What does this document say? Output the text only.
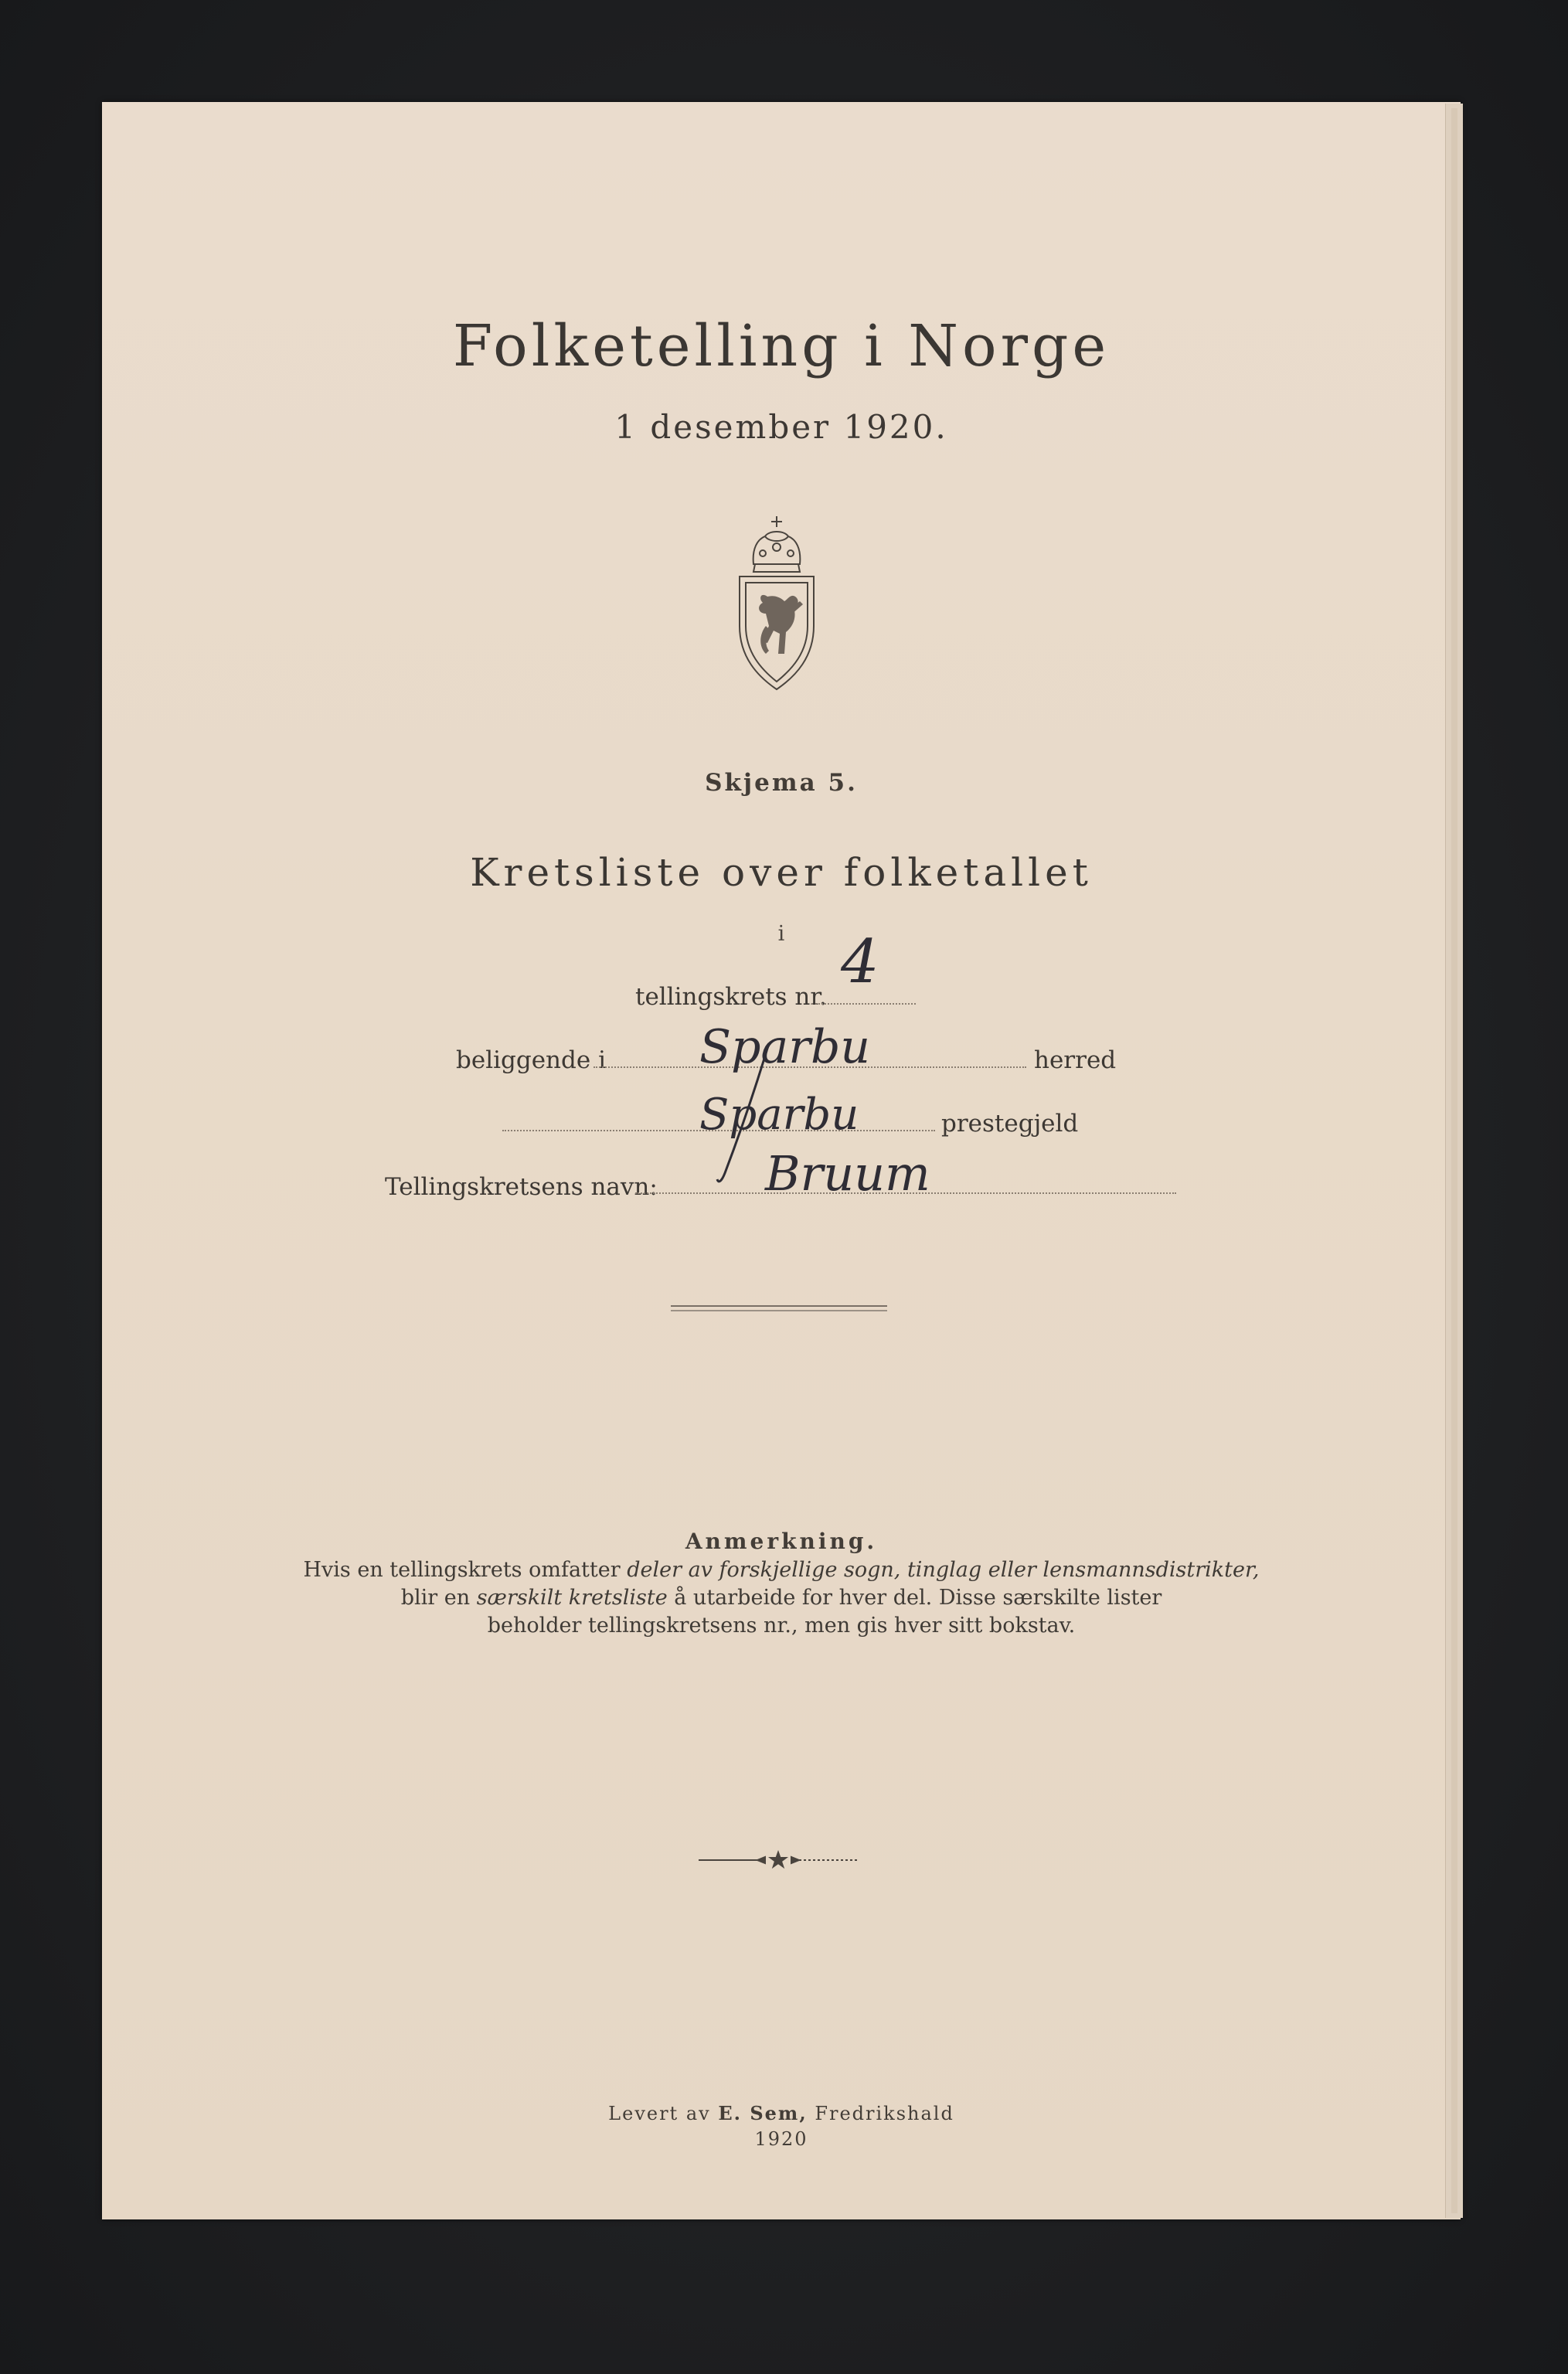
Folketelling i Norge
1 desember 1920.
Skjema 5.
Kretsliste over folketallet
i
tellingskrets nr. 4
beliggende i Sparbu	herred
Sparbu	prestegjeld
Tellingskretsens navn: Bruum
Anmerkning.
Hvis en tellingskrets omfatter deler av forskjellige sogn, tinglag eller lensmannsdistrikter,
blir en særskilt kretsliste å utarbeide for hver del. Disse særskilte lister
beholder tellingskretsens nr., men gis hver sitt bokstav.
Levert av E. Sem, Fredrikshald
1920
